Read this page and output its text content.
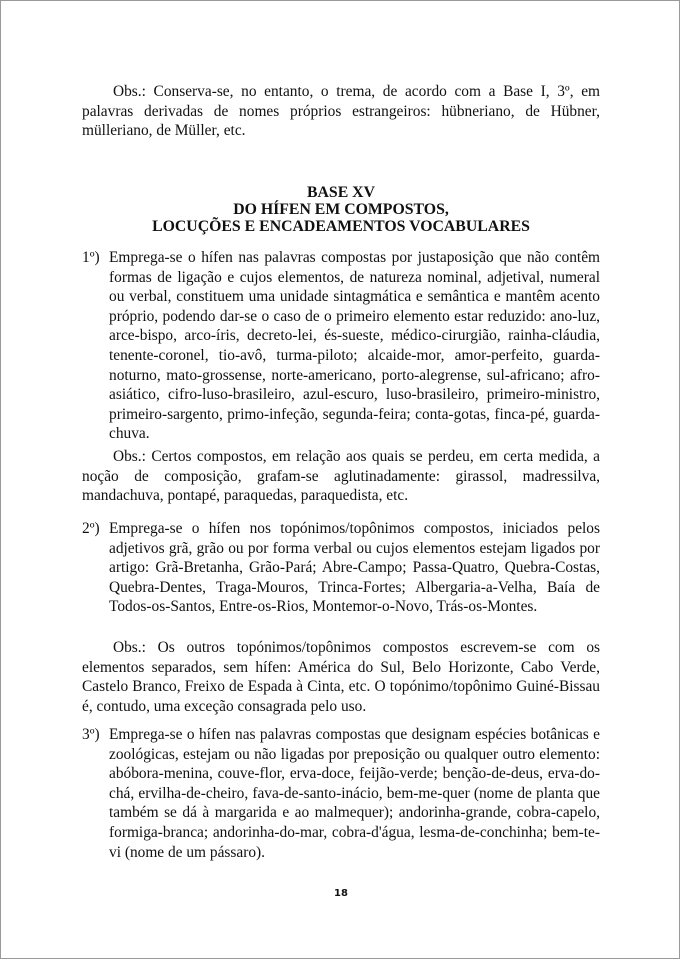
Obs.: Conserva-se, no entanto, o trema, de acordo com a Base I, 3º, em palavras derivadas de nomes próprios estrangeiros: hübneriano, de Hübner, mülleriano, de Müller, etc.

BASE XV
DO HÍFEN EM COMPOSTOS,
LOCUÇÕES E ENCADEAMENTOS VOCABULARES
1º) Emprega-se o hífen nas palavras compostas por justaposição que não contêm formas de ligação e cujos elementos, de natureza nominal, adjetival, numeral ou verbal, constituem uma unidade sintagmática e semântica e mantêm acento próprio, podendo dar-se o caso de o primeiro elemento estar reduzido: ano-luz, arce-bispo, arco-íris, decreto-lei, és-sueste, médico-cirurgião, rainha-cláudia, tenente-coronel, tio-avô, turma-piloto; alcaide-mor, amor-perfeito, guarda-noturno, mato-grossense, norte-americano, porto-alegrense, sul-africano; afro-asiático, cifro-luso-brasileiro, azul-escuro, luso-brasileiro, primeiro-ministro, primeiro-sargento, primo-infeção, segunda-feira; conta-gotas, finca-pé, guarda-chuva.

Obs.: Certos compostos, em relação aos quais se perdeu, em certa medida, a noção de composição, grafam-se aglutinadamente: girassol, madressilva, mandachuva, pontapé, paraquedas, paraquedista, etc.

2º) Emprega-se o hífen nos topónimos/topônimos compostos, iniciados pelos adjetivos grã, grão ou por forma verbal ou cujos elementos estejam ligados por artigo: Grã-Bretanha, Grão-Pará; Abre-Campo; Passa-Quatro, Quebra-Costas, Quebra-Dentes, Traga-Mouros, Trinca-Fortes; Albergaria-a-Velha, Baía de Todos-os-Santos, Entre-os-Rios, Montemor-o-Novo, Trás-os-Montes.

Obs.: Os outros topónimos/topônimos compostos escrevem-se com os elementos separados, sem hífen: América do Sul, Belo Horizonte, Cabo Verde, Castelo Branco, Freixo de Espada à Cinta, etc. O topónimo/topônimo Guiné-Bissau é, contudo, uma exceção consagrada pelo uso.

3º) Emprega-se o hífen nas palavras compostas que designam espécies botânicas e zoológicas, estejam ou não ligadas por preposição ou qualquer outro elemento: abóbora-menina, couve-flor, erva-doce, feijão-verde; benção-de-deus, erva-do-chá, ervilha-de-cheiro, fava-de-santo-inácio, bem-me-quer (nome de planta que também se dá à margarida e ao malmequer); andorinha-grande, cobra-capelo, formiga-branca; andorinha-do-mar, cobra-d'água, lesma-de-conchinha; bem-te-vi (nome de um pássaro).

18
